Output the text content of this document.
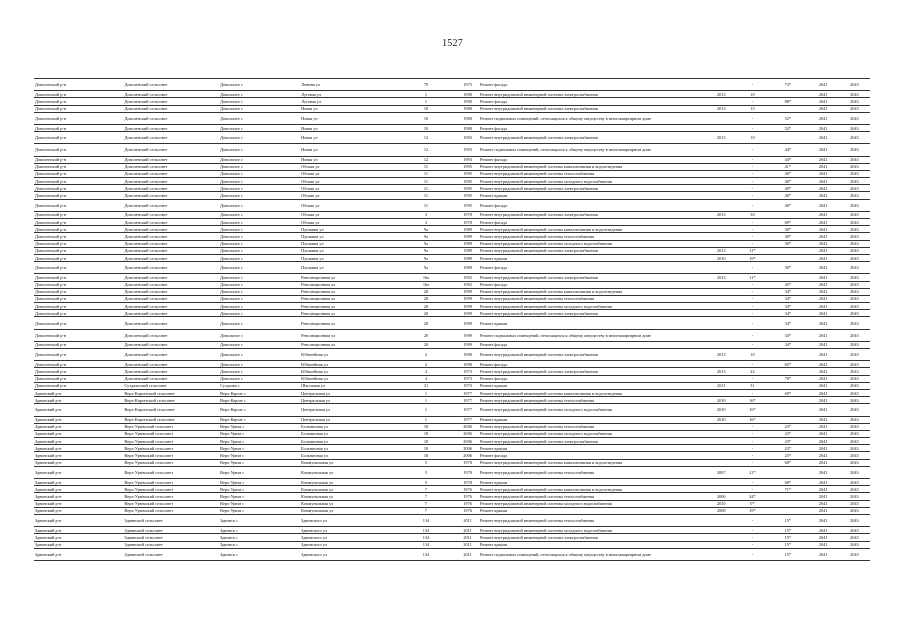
1527
Доволенский р-н	Доволенский сельсовет	Довольное с	Ленина ул	79	1975	Ремонт фасада		-	73*	2041	2043
Доволенский р-н	Доволенский сельсовет	Довольное с	Луговая ул	1	1990	Ремонт внутридомовой инженерной системы электроснабжения	2013	10		2041	2043
Доволенский р-н	Доволенский сельсовет	Довольное с	Луговая ул	1	1990	Ремонт фасада		-	88*	2041	2043
Доволенский р-н	Доволенский сельсовет	Довольное с	Новая ул	10	1988	Ремонт внутридомовой инженерной системы электроснабжения	2013	15		2041	2043
Доволенский р-н	Доволенский сельсовет	Довольное с	Новая ул	10	1988	Ремонт подвальных помещений, относящихся к общему имуществу в многоквартирном доме		-	52*	2041	2043
Доволенский р-н	Доволенский сельсовет	Довольное с	Новая ул	10	1988	Ремонт фасада		-	52*	2041	2043
Доволенский р-н	Доволенский сельсовет	Довольное с	Новая ул	12	1993	Ремонт внутридомовой инженерной системы электроснабжения	2013	10		2041	2043
Доволенский р-н	Доволенский сельсовет	Довольное с	Новая ул	12	1993	Ремонт подвальных помещений, относящихся к общему имуществу в многоквартирном доме		-	44*	2041	2043
Доволенский р-н	Доволенский сельсовет	Довольное с	Новая ул	12	1993	Ремонт фасада		-	44*	2041	2043
Доволенский р-н	Доволенский сельсовет	Довольное с	Обская ул	11	1995	Ремонт внутридомовой инженерной системы канализования и водоотведения		-	41*	2041	2043
Доволенский р-н	Доволенский сельсовет	Довольное с	Обская ул	11	1995	Ремонт внутридомовой инженерной системы теплоснабжения		-	40*	2041	2043
Доволенский р-н	Доволенский сельсовет	Довольное с	Обская ул	11	1995	Ремонт внутридомовой инженерной системы холодного водоснабжения		-	40*	2041	2043
Доволенский р-н	Доволенский сельсовет	Довольное с	Обская ул	11	1995	Ремонт внутридомовой инженерной системы электроснабжения		-	40*	2041	2043
Доволенский р-н	Доволенский сельсовет	Довольное с	Обская ул	11	1995	Ремонт крыши		-	40*	2041	2043
Доволенский р-н	Доволенский сельсовет	Довольное с	Обская ул	11	1995	Ремонт фасада		-	40*	2041	2043
Доволенский р-н	Доволенский сельсовет	Довольное с	Обская ул	3	1978	Ремонт внутридомовой инженерной системы электроснабжения	2013	30		2041	2043
Доволенский р-н	Доволенский сельсовет	Довольное с	Обская ул	3	1978	Ремонт фасада		-	69*	2041	2043
Доволенский р-н	Доволенский сельсовет	Довольное с	Пушкина ул	9а	1989	Ремонт внутридомовой инженерной системы канализования и водоотведения		-	30*	2041	2043
Доволенский р-н	Доволенский сельсовет	Довольное с	Пушкина ул	9а	1989	Ремонт внутридомовой инженерной системы теплоснабжения		-	30*	2041	2043
Доволенский р-н	Доволенский сельсовет	Довольное с	Пушкина ул	9а	1989	Ремонт внутридомовой инженерной системы холодного водоснабжения		-	30*	2041	2043
Доволенский р-н	Доволенский сельсовет	Довольное с	Пушкина ул	9а	1989	Ремонт внутридомовой инженерной системы электроснабжения	2013	11*		2041	2043
Доволенский р-н	Доволенский сельсовет	Довольное с	Пушкина ул	9а	1989	Ремонт крыши	2010	19*		2041	2043
Доволенский р-н	Доволенский сельсовет	Довольное с	Пушкина ул	9а	1989	Ремонт фасада		-	30*	2041	2043
Доволенский р-н	Доволенский сельсовет	Довольное с	Революционная ул	16а	1992	Ремонт внутридомовой инженерной системы электроснабжения	2013	11*		2041	2043
Доволенский р-н	Доволенский сельсовет	Довольное с	Революционная ул	16а	1992	Ремонт фасада		-	45*	2041	2043
Доволенский р-н	Доволенский сельсовет	Довольное с	Революционная ул	20	1999	Ремонт внутридомовой инженерной системы канализования и водоотведения		-	34*	2041	2043
Доволенский р-н	Доволенский сельсовет	Довольное с	Революционная ул	20	1999	Ремонт внутридомовой инженерной системы теплоснабжения		-	34*	2041	2043
Доволенский р-н	Доволенский сельсовет	Довольное с	Революционная ул	20	1999	Ремонт внутридомовой инженерной системы холодного водоснабжения		-	34*	2041	2043
Доволенский р-н	Доволенский сельсовет	Довольное с	Революционная ул	20	1999	Ремонт внутридомовой инженерной системы электроснабжения		-	34*	2041	2043
Доволенский р-н	Доволенский сельсовет	Довольное с	Революционная ул	20	1999	Ремонт крыши		-	34*	2041	2043
Доволенский р-н	Доволенский сельсовет	Довольное с	Революционная ул	20	1999	Ремонт подвальных помещений, относящихся к общему имуществу в многоквартирном доме		-	34*	2041	2043
Доволенский р-н	Доволенский сельсовет	Довольное с	Революционная ул	20	1999	Ремонт фасада		-	34*	2041	2043
Доволенский р-н	Доволенский сельсовет	Довольное с	Юбилейная ул	2	1990	Ремонт внутридомовой инженерной системы электроснабжения	2013	10		2041	2043
Доволенский р-н	Доволенский сельсовет	Довольное с	Юбилейная ул	2	1990	Ремонт фасада		-	65*	2041	2043
Доволенский р-н	Доволенский сельсовет	Довольное с	Юбилейная ул	4	1973	Ремонт внутридомовой инженерной системы электроснабжения	2013	22		2041	2043
Доволенский р-н	Доволенский сельсовет	Довольное с	Юбилейная ул	4	1973	Ремонт фасада		-	78*	2041	2043
Доволенский р-н	Суздальский сельсовет	Суздалка с	Школьная ул	21	1973	Ремонт крыши	2011	31		2041	2043
Здвинский р-н	Верх-Каргатский сельсовет	Верх-Каргат с	Центральная ул	1	1977	Ремонт внутридомовой инженерной системы канализования и водоотведения		-	69*	2041	2043
Здвинский р-н	Верх-Каргатский сельсовет	Верх-Каргат с	Центральная ул	1	1977	Ремонт внутридомовой инженерной системы теплоснабжения	2010	16*		2041	2043
Здвинский р-н	Верх-Каргатский сельсовет	Верх-Каргат с	Центральная ул	1	1977	Ремонт внутридомовой инженерной системы холодного водоснабжения	2010	16*		2041	2043
Здвинский р-н	Верх-Каргатский сельсовет	Верх-Каргат с	Центральная ул	1	1977	Ремонт крыши	2010	16*		2041	2043
Здвинский р-н	Верх-Урюмский сельсовет	Верх-Урюм с	Больничная ул	18	2006	Ремонт внутридомовой инженерной системы теплоснабжения		-	23*	2041	2043
Здвинский р-н	Верх-Урюмский сельсовет	Верх-Урюм с	Больничная ул	18	2006	Ремонт внутридомовой инженерной системы холодного водоснабжения		-	23*	2041	2043
Здвинский р-н	Верх-Урюмский сельсовет	Верх-Урюм с	Больничная ул	18	2006	Ремонт внутридомовой инженерной системы электроснабжения		-	23*	2041	2043
Здвинский р-н	Верх-Урюмский сельсовет	Верх-Урюм с	Больничная ул	18	2006	Ремонт крыши		-	23*	2041	2043
Здвинский р-н	Верх-Урюмский сельсовет	Верх-Урюм с	Больничная ул	18	2006	Ремонт фасада		-	23*	2041	2043
Здвинский р-н	Верх-Урюмский сельсовет	Верх-Урюм с	Коммунальная ул	5	1978	Ремонт внутридомовой инженерной системы канализования и водоотведения		-	68*	2041	2043
Здвинский р-н	Верх-Урюмский сельсовет	Верх-Урюм с	Коммунальная ул	5	1978	Ремонт внутридомовой инженерной системы теплоснабжения	2007	21*		2041	2043
Здвинский р-н	Верх-Урюмский сельсовет	Верх-Урюм с	Коммунальная ул	5	1978	Ремонт крыши		-	68*	2041	2043
Здвинский р-н	Верх-Урюмский сельсовет	Верх-Урюм с	Коммунальная ул	7	1976	Ремонт внутридомовой инженерной системы канализования и водоотведения		-	71*	2041	2043
Здвинский р-н	Верх-Урюмский сельсовет	Верх-Урюм с	Коммунальная ул	7	1976	Ремонт внутридомовой инженерной системы теплоснабжения	2006	24*		2041	2043
Здвинский р-н	Верх-Урюмский сельсовет	Верх-Урюм с	Коммунальная ул	7	1976	Ремонт внутридомовой инженерной системы холодного водоснабжения	2010	0*		2041	2043
Здвинский р-н	Верх-Урюмский сельсовет	Верх-Урюм с	Коммунальная ул	7	1976	Ремонт крыши	2008	19*		2041	2043
Здвинский р-н	Здвинский сельсовет	Здвинск с	Здвинского ул	134	2011	Ремонт внутридомовой инженерной системы теплоснабжения		-	15*	2041	2043
Здвинский р-н	Здвинский сельсовет	Здвинск с	Здвинского ул	134	2011	Ремонт внутридомовой инженерной системы холодного водоснабжения		-	15*	2041	2043
Здвинский р-н	Здвинский сельсовет	Здвинск с	Здвинского ул	134	2011	Ремонт внутридомовой инженерной системы электроснабжения		-	15*	2041	2043
Здвинский р-н	Здвинский сельсовет	Здвинск с	Здвинского ул	134	2011	Ремонт крыши		-	15*	2041	2043
Здвинский р-н	Здвинский сельсовет	Здвинск с	Здвинского ул	134	2011	Ремонт подвальных помещений, относящихся к общему имуществу в многоквартирном доме		-	15*	2041	2043
